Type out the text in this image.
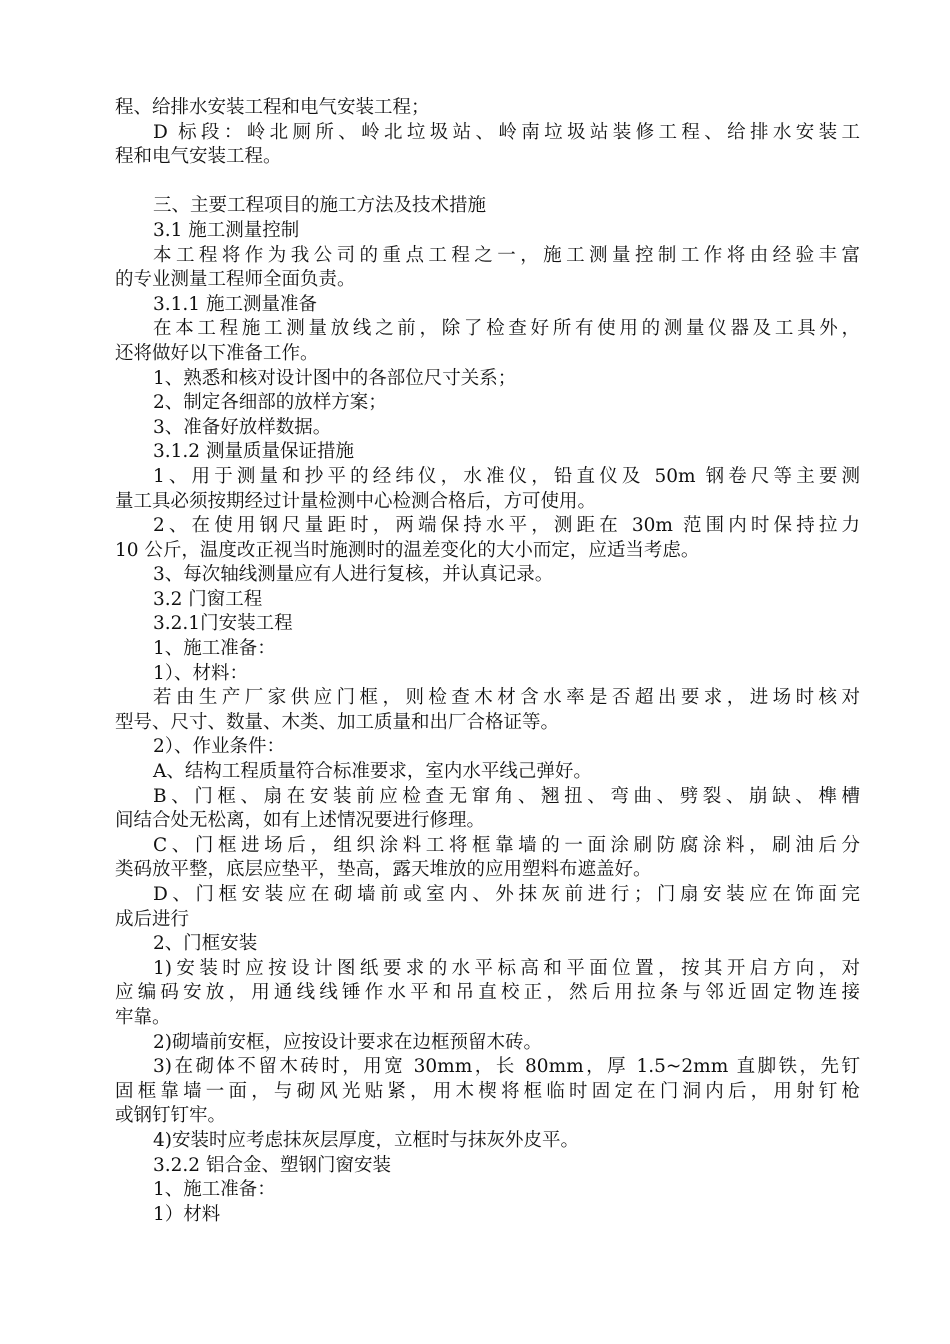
程、给排水安装工程和电气安装工程；
D 标段：岭北厕所、岭北垃圾站、岭南垃圾站装修工程、给排水安装工
程和电气安装工程。
三、主要工程项目的施工方法及技术措施
3.1 施工测量控制
本工程将作为我公司的重点工程之一，施工测量控制工作将由经验丰富
的专业测量工程师全面负责。
3.1.1 施工测量准备
在本工程施工测量放线之前，除了检查好所有使用的测量仪器及工具外，
还将做好以下准备工作。
1、熟悉和核对设计图中的各部位尺寸关系；
2、制定各细部的放样方案；
3、准备好放样数据。
3.1.2 测量质量保证措施
1、用于测量和抄平的经纬仪，水准仪，铅直仪及 50m 钢卷尺等主要测
量工具必须按期经过计量检测中心检测合格后，方可使用。
2、在使用钢尺量距时，两端保持水平，测距在 30m 范围内时保持拉力
10 公斤，温度改正视当时施测时的温差变化的大小而定，应适当考虑。
3、每次轴线测量应有人进行复核，并认真记录。
3.2 门窗工程
3.2.1门安装工程
1、施工准备：
1）、材料：
若由生产厂家供应门框，则检查木材含水率是否超出要求，进场时核对
型号、尺寸、数量、木类、加工质量和出厂合格证等。
2）、作业条件：
A、结构工程质量符合标准要求，室内水平线己弹好。
B、门框、扇在安装前应检查无窜角、翘扭、弯曲、劈裂、崩缺、榫槽
间结合处无松离，如有上述情况要进行修理。
C、门框进场后，组织涂料工将框靠墙的一面涂刷防腐涂料，刷油后分
类码放平整，底层应垫平，垫高，露天堆放的应用塑料布遮盖好。
D、门框安装应在砌墙前或室内、外抹灰前进行；门扇安装应在饰面完
成后进行
2、门框安装
1)安装时应按设计图纸要求的水平标高和平面位置，按其开启方向，对
应编码安放，用通线线锤作水平和吊直校正，然后用拉条与邻近固定物连接
牢靠。
2)砌墙前安框，应按设计要求在边框预留木砖。
3)在砌体不留木砖时，用宽 30mm，长 80mm，厚 1.5~2mm 直脚铁，先钉
固框靠墙一面，与砌风光贴紧，用木楔将框临时固定在门洞内后，用射钉枪
或钢钉钉牢。
4)安装时应考虑抹灰层厚度，立框时与抹灰外皮平。
3.2.2 铝合金、塑钢门窗安装
1、施工准备：
1）材料
